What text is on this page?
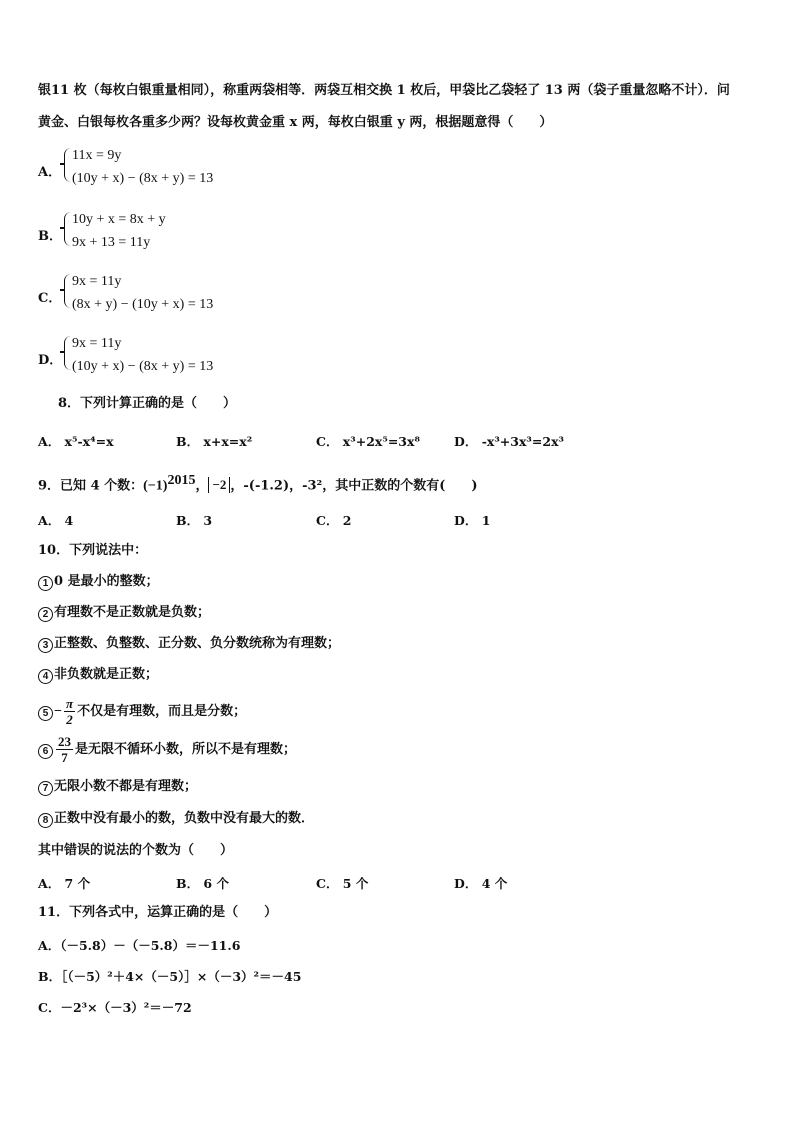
银11 枚（每枚白银重量相同），称重两袋相等．两袋互相交换 1 枚后，甲袋比乙袋轻了 13 两（袋子重量忽略不计）．问
黄金、白银每枚各重多少两？设每枚黄金重 x 两，每枚白银重 y 两，根据题意得（　　）
A．
11x = 9y
(10y + x) − (8x + y) = 13
B．
10y + x = 8x + y
9x + 13 = 11y
C．
9x = 11y
(8x + y) − (10y + x) = 13
D．
9x = 11y
(10y + x) − (8x + y) = 13
8．下列计算正确的是（　　）
A． x⁵-x⁴=x	B． x+x=x²	C． x³+2x⁵=3x⁸	D． -x³+3x³=2x³
9．已知 4 个数：$(-1)^{2015}$， −2 ，-(-1.2)，-3²，其中正数的个数有(　　)
A． 4	B． 3	C． 2	D． 1
10．下列说法中：
1 0 是最小的整数；
2 有理数不是正数就是负数；
3 正整数、负整数、正分数、负分数统称为有理数；
4 非负数就是正数；
$5 - \frac{\pi}{2}$ 不仅是有理数，而且是分数；
$6 \frac{23}{7}$ 是无限不循环小数，所以不是有理数；
7 无限小数不都是有理数；
8 正数中没有最小的数，负数中没有最大的数．
其中错误的说法的个数为（　　）
A． 7 个	B． 6 个	C． 5 个	D． 4 个
11．下列各式中，运算正确的是（　　）
A．（－5.8）－（－5.8）＝－11.6
B．［（－5）²＋4×（－5）］×（－3）²＝－45
C．－2³×（－3）²＝－72
